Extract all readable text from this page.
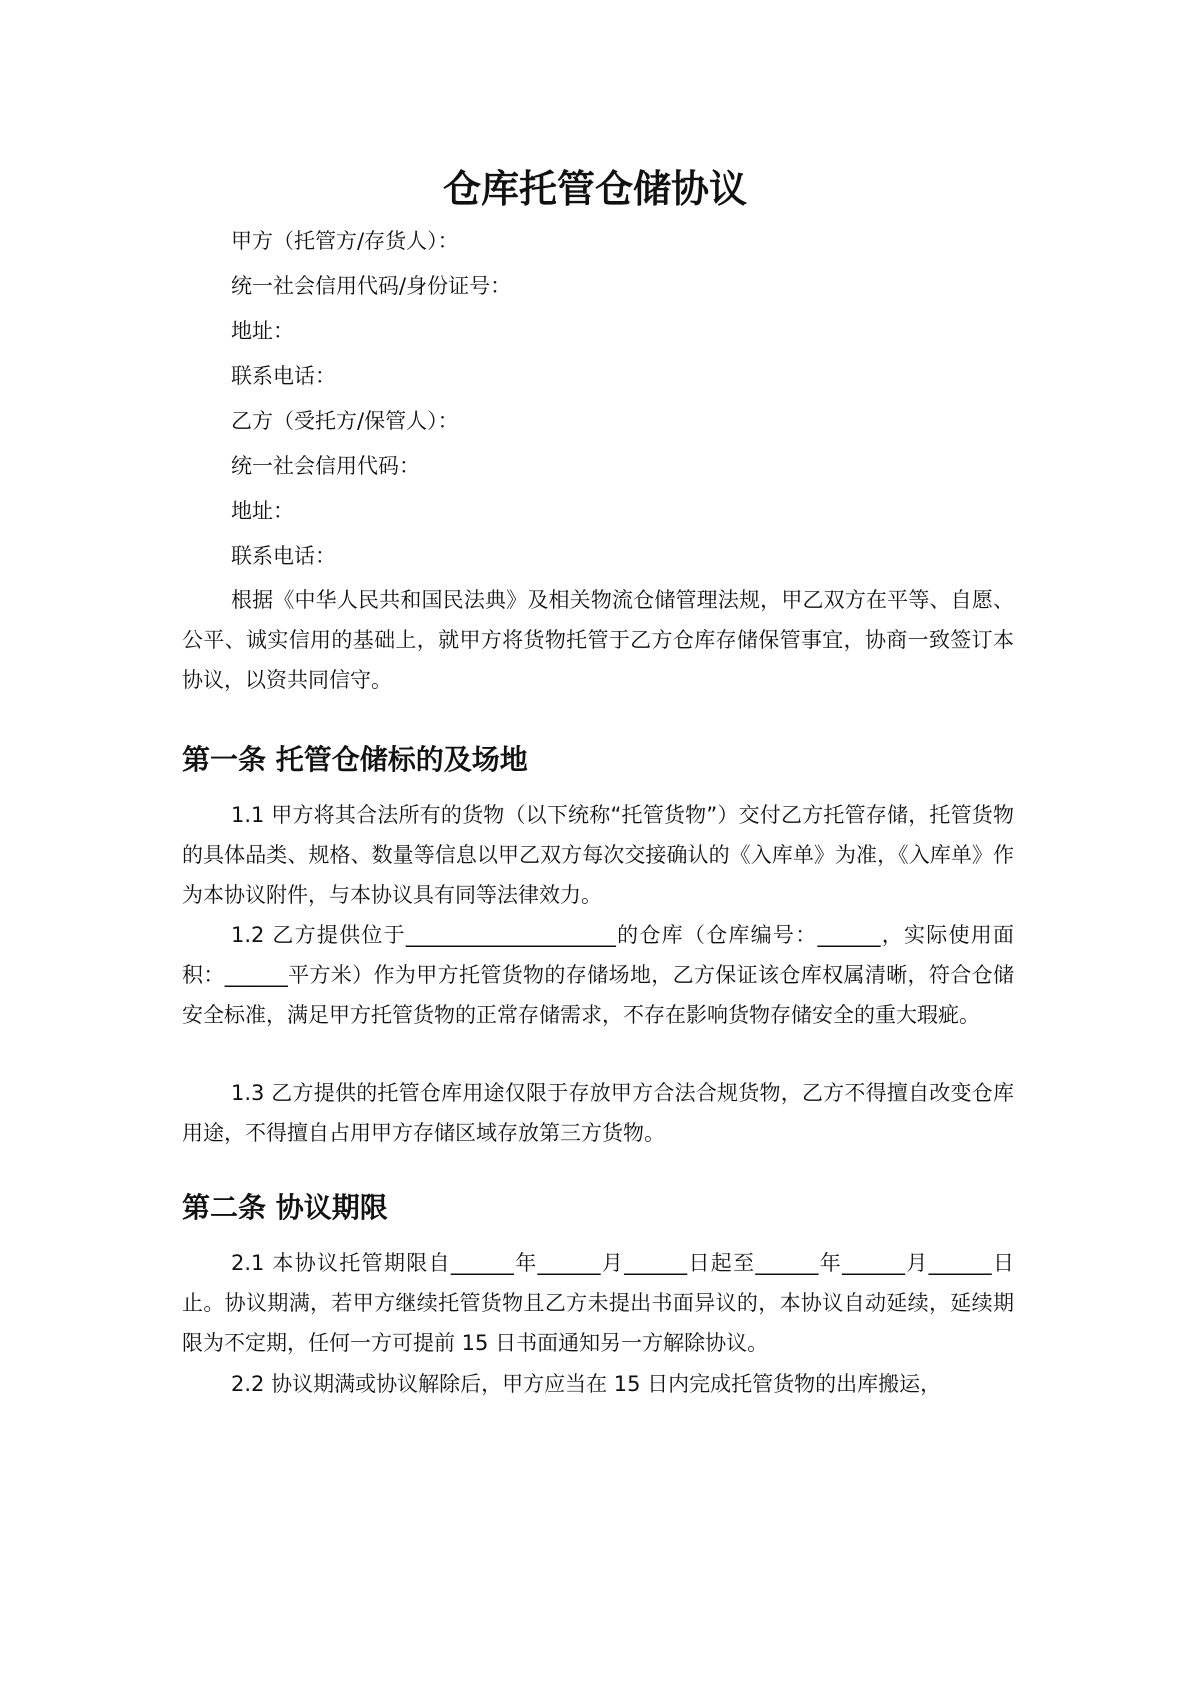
仓库托管仓储协议
甲方（托管方/存货人）：
统一社会信用代码/身份证号：
地址：
联系电话：
乙方（受托方/保管人）：
统一社会信用代码：
地址：
联系电话：
根据《中华人民共和国民法典》及相关物流仓储管理法规，甲乙双方在平等、自愿、公平、诚实信用的基础上，就甲方将货物托管于乙方仓库存储保管事宜，协商一致签订本协议，以资共同信守。
第一条 托管仓储标的及场地
1.1 甲方将其合法所有的货物（以下统称“托管货物”）交付乙方托管存储，托管货物的具体品类、规格、数量等信息以甲乙双方每次交接确认的《入库单》为准，《入库单》作为本协议附件，与本协议具有同等法律效力。
1.2 乙方提供位于____________________的仓库（仓库编号：______，实际使用面积：______平方米）作为甲方托管货物的存储场地，乙方保证该仓库权属清晰，符合仓储安全标准，满足甲方托管货物的正常存储需求，不存在影响货物存储安全的重大瑕疵。
1.3 乙方提供的托管仓库用途仅限于存放甲方合法合规货物，乙方不得擅自改变仓库用途，不得擅自占用甲方存储区域存放第三方货物。
第二条 协议期限
2.1 本协议托管期限自______年______月______日起至______年______月______日止。协议期满，若甲方继续托管货物且乙方未提出书面异议的，本协议自动延续，延续期限为不定期，任何一方可提前 15 日书面通知另一方解除协议。
2.2 协议期满或协议解除后，甲方应当在 15 日内完成托管货物的出库搬运，
